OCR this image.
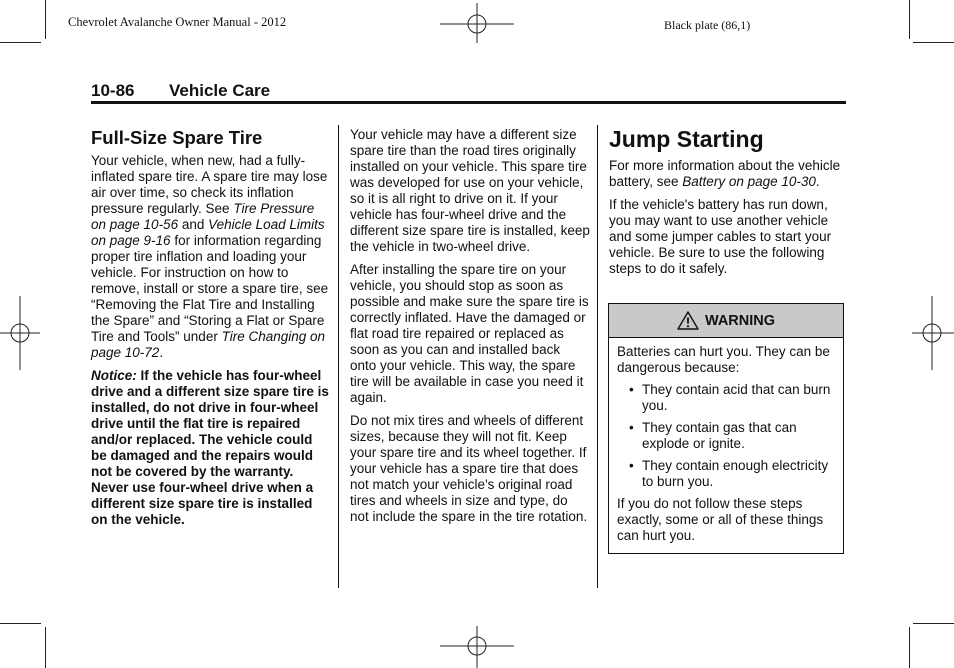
Chevrolet Avalanche Owner Manual - 2012	Black plate (86,1)
10-86 Vehicle Care
Full-Size Spare Tire

Your vehicle, when new, had a fully-inflated spare tire. A spare tire may lose air over time, so check its inflation pressure regularly. See Tire Pressure on page 10-56 and Vehicle Load Limits on page 9-16 for information regarding proper tire inflation and loading your vehicle. For instruction on how to remove, install or store a spare tire, see “Removing the Flat Tire and Installing the Spare” and “Storing a Flat or Spare Tire and Tools” under Tire Changing on page 10-72.

Notice: If the vehicle has four-wheel drive and a different size spare tire is installed, do not drive in four-wheel drive until the flat tire is repaired and/or replaced. The vehicle could be damaged and the repairs would not be covered by the warranty. Never use four-wheel drive when a different size spare tire is installed on the vehicle.

Your vehicle may have a different size spare tire than the road tires originally installed on your vehicle. This spare tire was developed for use on your vehicle, so it is all right to drive on it. If your vehicle has four-wheel drive and the different size spare tire is installed, keep the vehicle in two-wheel drive.

After installing the spare tire on your vehicle, you should stop as soon as possible and make sure the spare tire is correctly inflated. Have the damaged or flat road tire repaired or replaced as soon as you can and installed back onto your vehicle. This way, the spare tire will be available in case you need it again.

Do not mix tires and wheels of different sizes, because they will not fit. Keep your spare tire and its wheel together. If your vehicle has a spare tire that does not match your vehicle's original road tires and wheels in size and type, do not include the spare in the tire rotation.

Jump Starting

For more information about the vehicle battery, see Battery on page 10-30.

If the vehicle's battery has run down, you may want to use another vehicle and some jumper cables to start your vehicle. Be sure to use the following steps to do it safely.

WARNING

Batteries can hurt you. They can be dangerous because:

• They contain acid that can burn you.
• They contain gas that can explode or ignite.
• They contain enough electricity to burn you.

If you do not follow these steps exactly, some or all of these things can hurt you.
